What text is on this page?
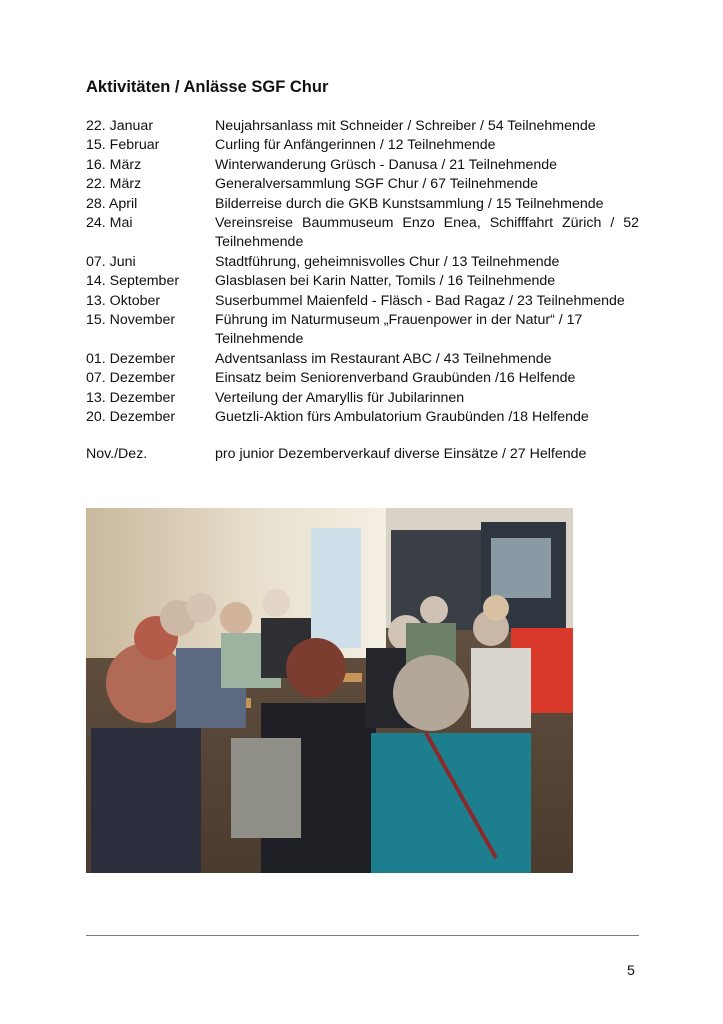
Aktivitäten / Anlässe SGF Chur
22. Januar	Neujahrsanlass mit Schneider / Schreiber / 54 Teilnehmende
15. Februar	Curling für Anfängerinnen / 12 Teilnehmende
16. März	Winterwanderung Grüsch - Danusa / 21 Teilnehmende
22. März	Generalversammlung SGF Chur / 67 Teilnehmende
28. April	Bilderreise durch die GKB Kunstsammlung / 15 Teilnehmende
24. Mai	Vereinsreise Baummuseum Enzo Enea, Schifffahrt Zürich / 52 Teilnehmende
07. Juni	Stadtführung, geheimnisvolles Chur / 13 Teilnehmende
14. September	Glasblasen bei Karin Natter, Tomils / 16 Teilnehmende
13. Oktober	Suserbummel Maienfeld - Fläsch - Bad Ragaz / 23 Teilnehmende
15. November	Führung im Naturmuseum „Frauenpower in der Natur“ / 17 Teilnehmende
01. Dezember	Adventsanlass im Restaurant ABC / 43 Teilnehmende
07. Dezember	Einsatz beim Seniorenverband Graubünden /16 Helfende
13. Dezember	Verteilung der Amaryllis für Jubilarinnen
20. Dezember	Guetzli-Aktion fürs Ambulatorium Graubünden /18 Helfende
Nov./Dez.	pro junior Dezemberverkauf diverse Einsätze / 27 Helfende
5
